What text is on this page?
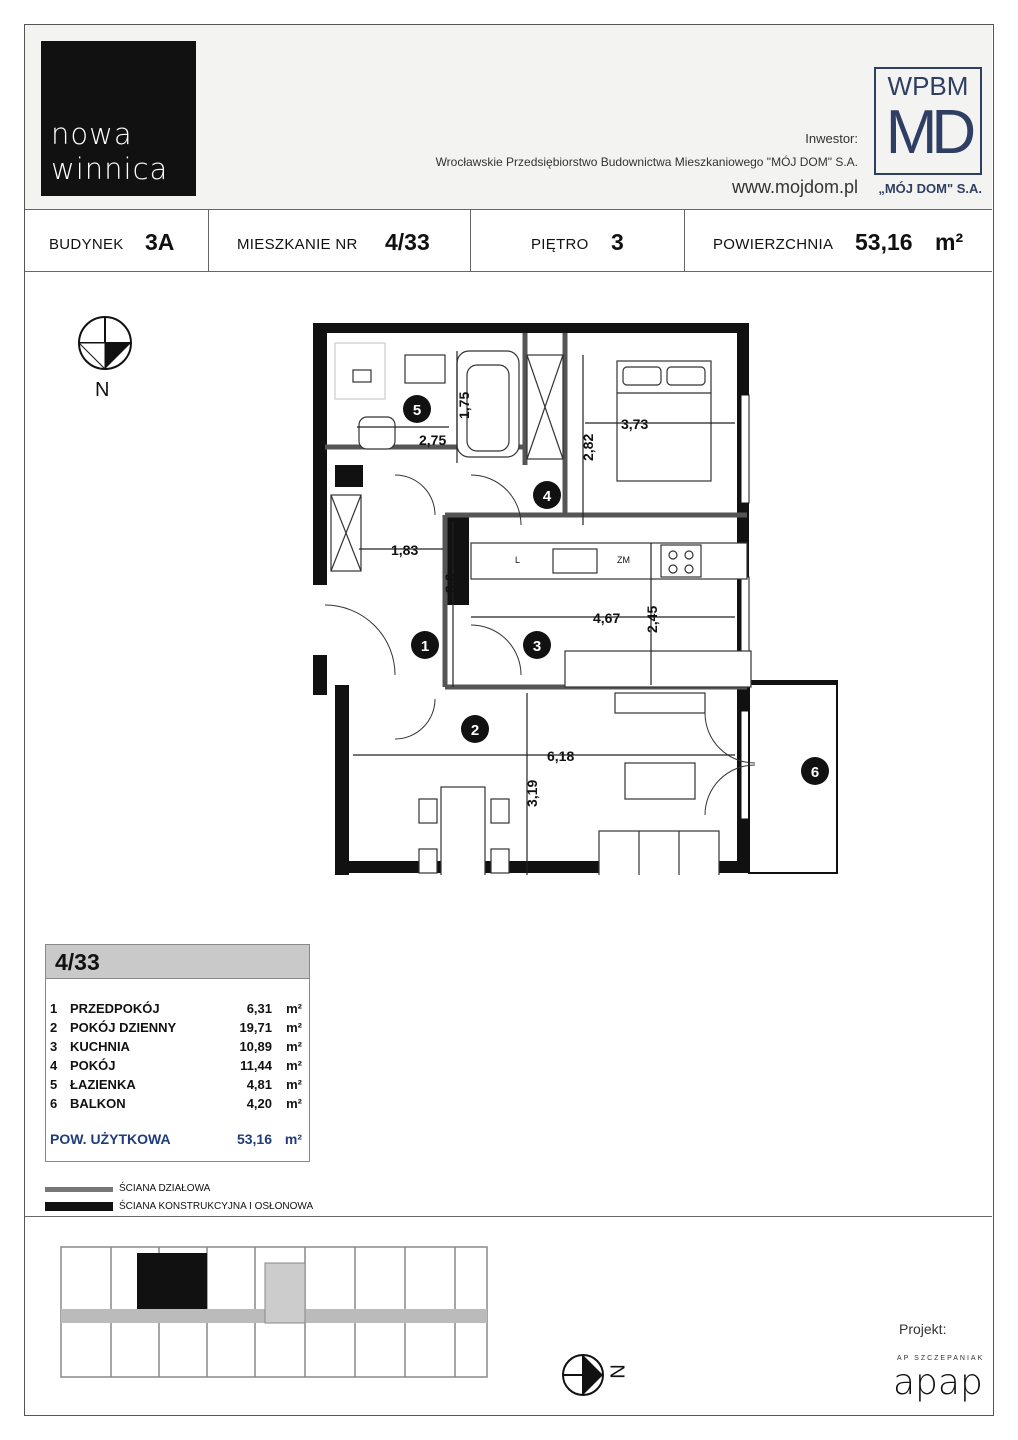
nowa
winnica
Inwestor:
Wrocławskie Przedsiębiorstwo Budownictwa Mieszkaniowego "MÓJ DOM" S.A.
www.mojdom.pl
WPBM
MD
„MÓJ DOM" S.A.
BUDYNEK 3A	MIESZKANIE NR 4/33	PIĘTRO 3	POWIERZCHNIA 53,16 m²
N
L	ZM
1,75
2,75	2,82
3,73
1,83
3,6
4,67 2,45
6,18
3,19
1
2
3
4
5
6
4/33
1 PRZEDPOKÓJ	6,31 m²
2 POKÓJ DZIENNY	19,71 m²
3 KUCHNIA	10,89 m²
4 POKÓJ	11,44 m²
5 ŁAZIENKA	4,81 m²
6 BALKON	4,20 m²
POW. UŻYTKOWA	53,16 m²
ŚCIANA DZIAŁOWA
ŚCIANA KONSTRUKCYJNA I OSŁONOWA
N
Projekt:
AP SZCZEPANIAK
apap
